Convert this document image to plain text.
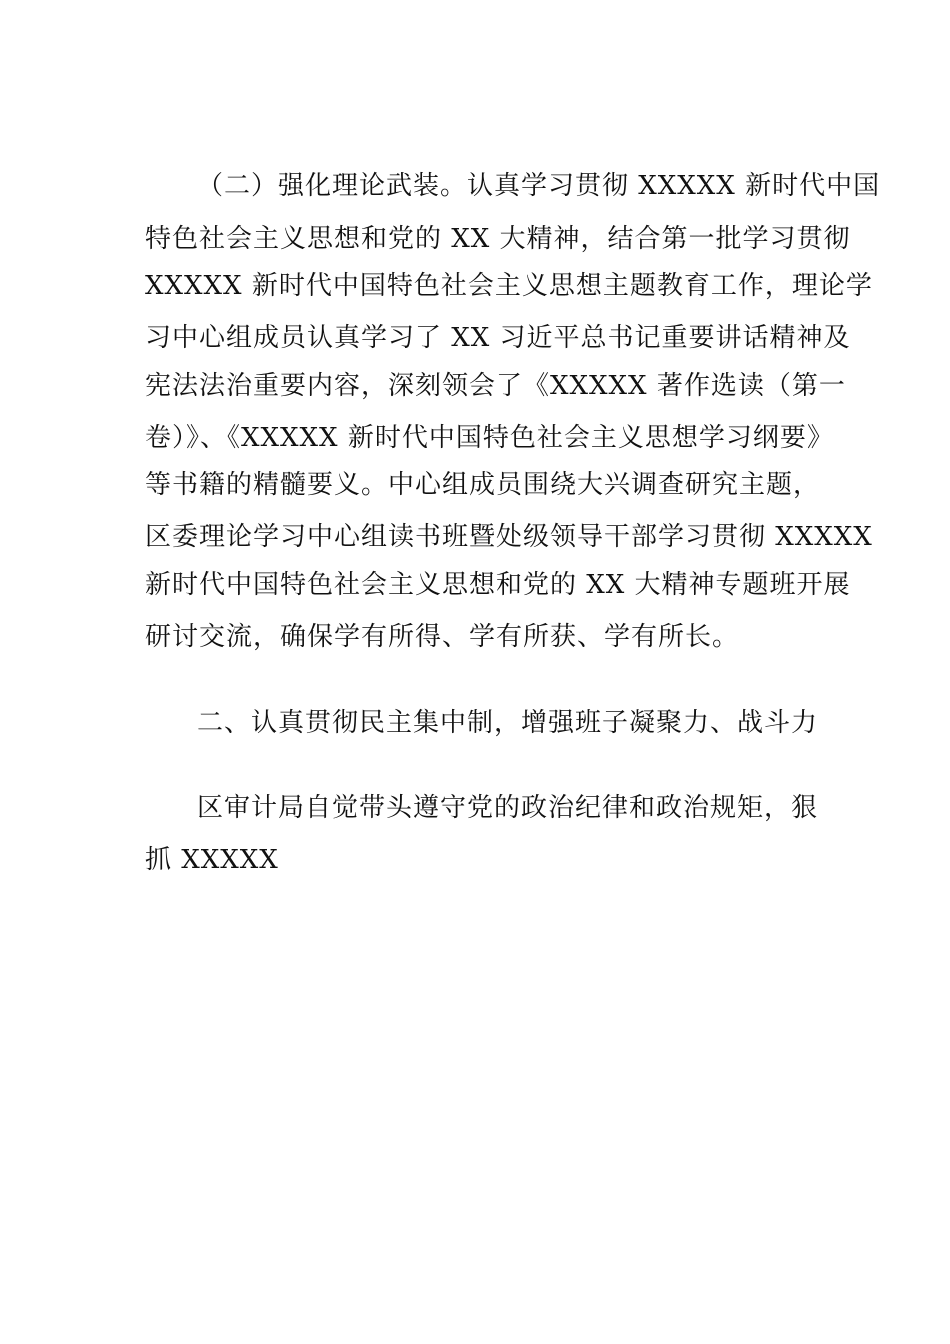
（二）强化理论武装。认真学习贯彻 XXXXX 新时代中国
特色社会主义思想和党的 XX 大精神，结合第一批学习贯彻
XXXXX 新时代中国特色社会主义思想主题教育工作，理论学
习中心组成员认真学习了 XX 习近平总书记重要讲话精神及
宪法法治重要内容，深刻领会了《XXXXX 著作选读（第一
卷）》、《XXXXX 新时代中国特色社会主义思想学习纲要》
等书籍的精髓要义。中心组成员围绕大兴调查研究主题，
区委理论学习中心组读书班暨处级领导干部学习贯彻 XXXXX
新时代中国特色社会主义思想和党的 XX 大精神专题班开展
研讨交流，确保学有所得、学有所获、学有所长。
二、认真贯彻民主集中制，增强班子凝聚力、战斗力
区审计局自觉带头遵守党的政治纪律和政治规矩，狠
抓 XXXXX
